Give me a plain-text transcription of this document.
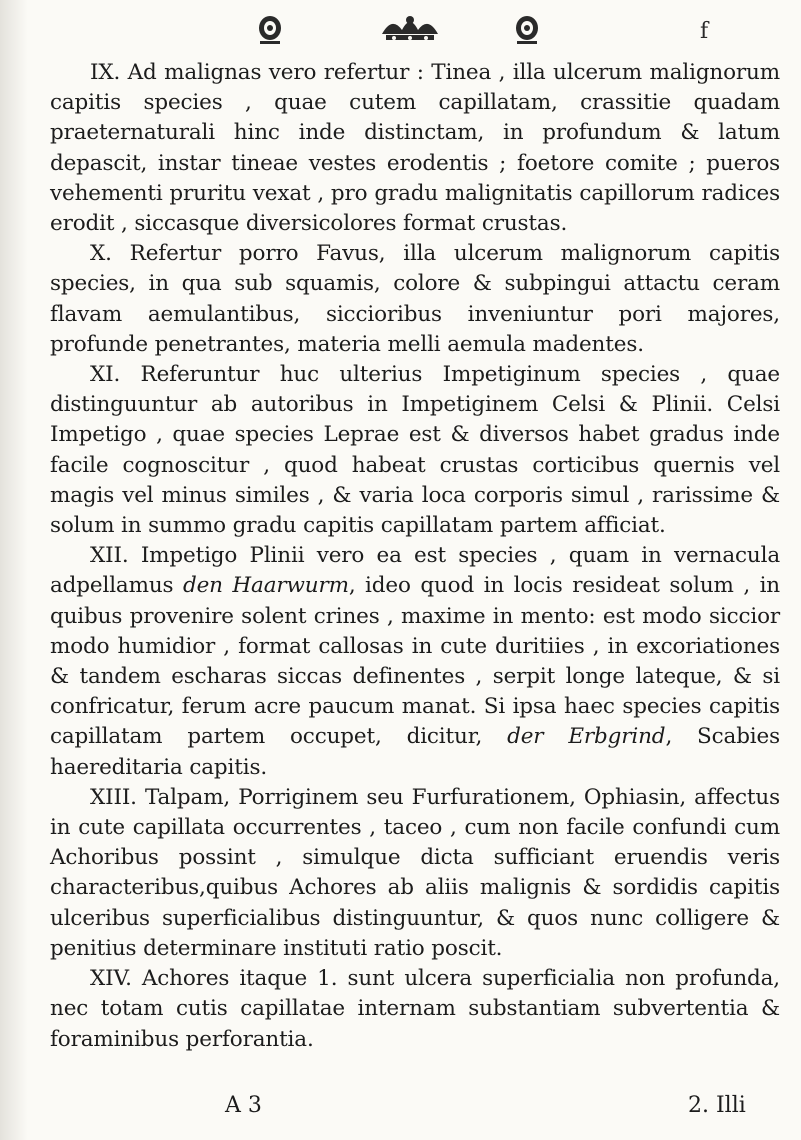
f

IX. Ad malignas vero refertur : Tinea , illa ulcerum malignorum capitis species , quae cutem capillatam, crassitie quadam praeternaturali hinc inde distinctam, in profundum & latum depascit, instar tineae vestes erodentis ; foetore comite ; pueros vehementi pruritu vexat , pro gradu malignitatis capillorum radices erodit , siccasque diversicolores format crustas.

X. Refertur porro Favus, illa ulcerum malignorum capitis species, in qua sub squamis, colore & subpingui attactu ceram flavam aemulantibus, siccioribus inveniuntur pori majores, profunde penetrantes, materia melli aemula madentes.

XI. Referuntur huc ulterius Impetiginum species , quae distinguuntur ab autoribus in Impetiginem Celsi & Plinii. Celsi Impetigo , quae species Leprae est & diversos habet gradus inde facile cognoscitur , quod habeat crustas corticibus quernis vel magis vel minus similes , & varia loca corporis simul , rarissime & solum in summo gradu capitis capillatam partem afficiat.

XII. Impetigo Plinii vero ea est species , quam in vernacula adpellamus den Haarwurm, ideo quod in locis resideat solum , in quibus provenire solent crines , maxime in mento: est modo siccior modo humidior , format callosas in cute duritiies , in excoriationes & tandem escharas siccas definentes , serpit longe lateque, & si confricatur, ferum acre paucum manat. Si ipsa haec species capitis capillatam partem occupet, dicitur, der Erbgrind, Scabies haereditaria capitis.

XIII. Talpam, Porriginem seu Furfurationem, Ophiasin, affectus in cute capillata occurrentes , taceo , cum non facile confundi cum Achoribus possint , simulque dicta sufficiant eruendis veris characteribus,quibus Achores ab aliis malignis & sordidis capitis ulceribus superficialibus distinguuntur, & quos nunc colligere & penitius determinare instituti ratio poscit.

XIV. Achores itaque 1. sunt ulcera superficialia non profunda, nec totam cutis capillatae internam substantiam subvertentia & foraminibus perforantia.

A 3	2. Illi
